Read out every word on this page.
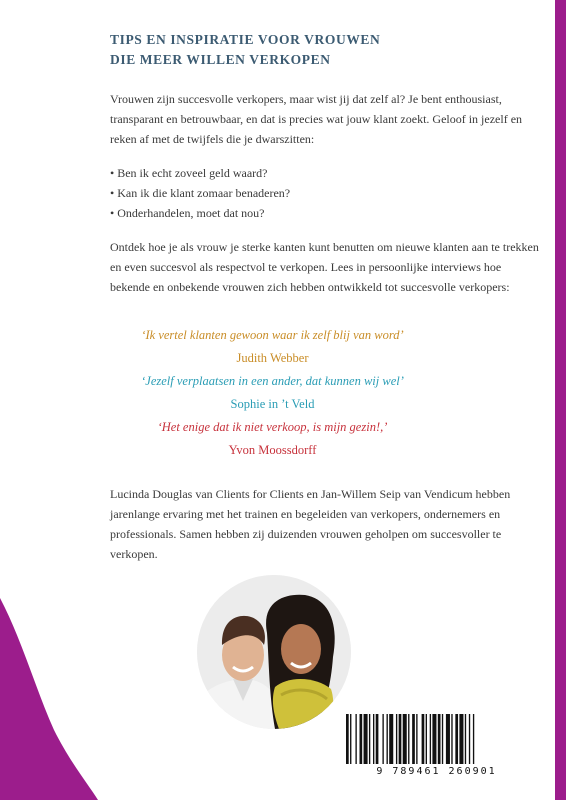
TIPS EN INSPIRATIE VOOR VROUWEN
DIE MEER WILLEN VERKOPEN

Vrouwen zijn succesvolle verkopers, maar wist jij dat zelf al? Je bent enthousiast, transparant en betrouwbaar, en dat is precies wat jouw klant zoekt. Geloof in jezelf en reken af met de twijfels die je dwarszitten:

• Ben ik echt zoveel geld waard?
• Kan ik die klant zomaar benaderen?
• Onderhandelen, moet dat nou?

Ontdek hoe je als vrouw je sterke kanten kunt benutten om nieuwe klanten aan te trekken en even succesvol als respectvol te verkopen. Lees in persoonlijke interviews hoe bekende en onbekende vrouwen zich hebben ontwikkeld tot succesvolle verkopers:

‘Ik vertel klanten gewoon waar ik zelf blij van word’
Judith Webber
‘Jezelf verplaatsen in een ander, dat kunnen wij wel’
Sophie in ’t Veld
‘Het enige dat ik niet verkoop, is mijn gezin!,’
Yvon Moossdorff

Lucinda Douglas van Clients for Clients en Jan-Willem Seip van Vendicum hebben jarenlange ervaring met het trainen en begeleiden van verkopers, ondernemers en professionals. Samen hebben zij duizenden vrouwen geholpen om succesvoller te verkopen.

9 789461 260901
